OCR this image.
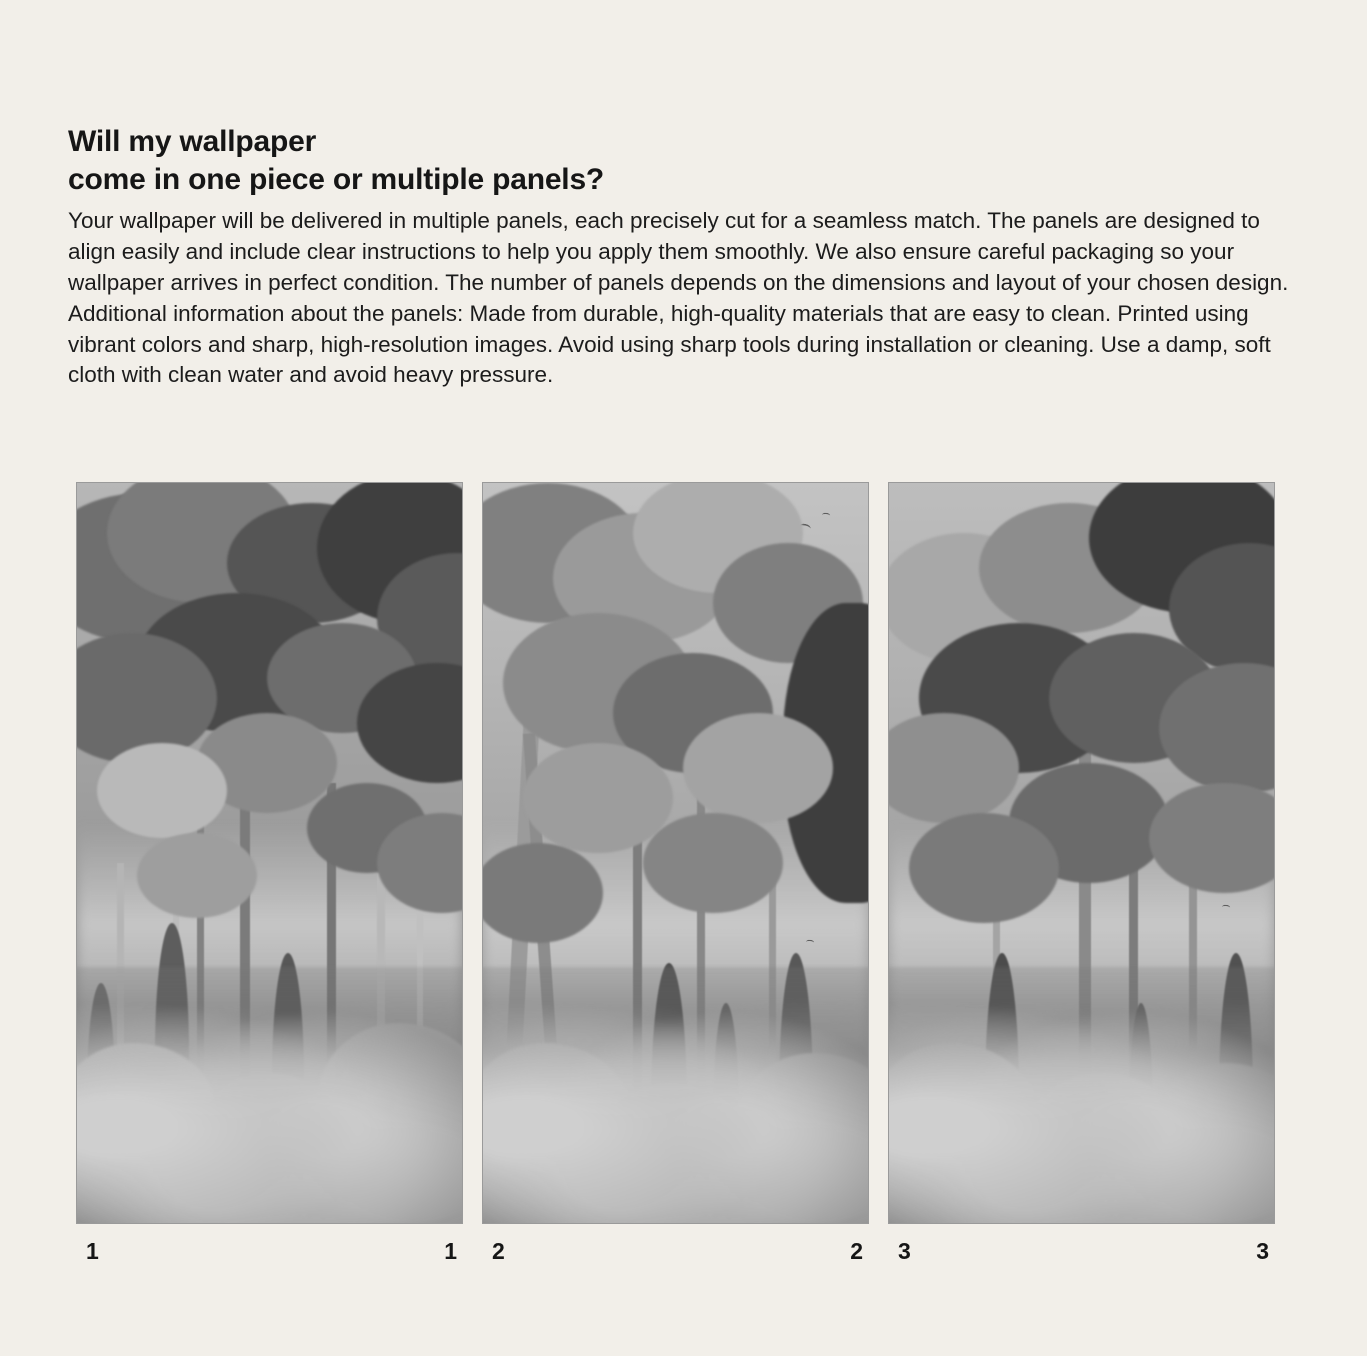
Will my wallpaper
come in one piece or multiple panels?

Your wallpaper will be delivered in multiple panels, each precisely cut for a seamless match. The panels are designed to align easily and include clear instructions to help you apply them smoothly. We also ensure careful packaging so your wallpaper arrives in perfect condition. The number of panels depends on the dimensions and layout of your chosen design. Additional information about the panels: Made from durable, high-quality materials that are easy to clean. Printed using vibrant colors and sharp, high-resolution images. Avoid using sharp tools during installation or cleaning. Use a damp, soft cloth with clean water and avoid heavy pressure.

1	1 2	2 3	3
